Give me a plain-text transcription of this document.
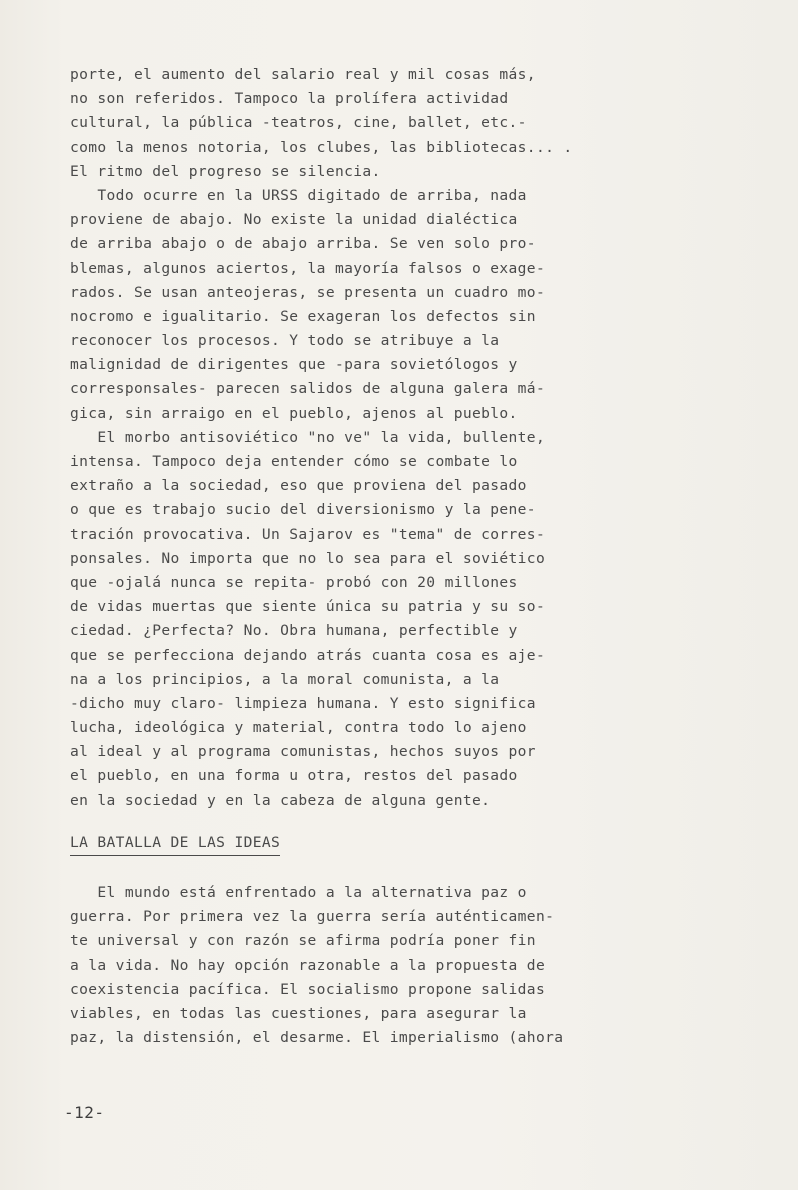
porte, el aumento del salario real y mil cosas más,
no son referidos. Tampoco la prolífera actividad
cultural, la pública -teatros, cine, ballet, etc.-
como la menos notoria, los clubes, las bibliotecas... .
El ritmo del progreso se silencia.
Todo ocurre en la URSS digitado de arriba, nada
proviene de abajo. No existe la unidad dialéctica
de arriba abajo o de abajo arriba. Se ven solo pro-
blemas, algunos aciertos, la mayoría falsos o exage-
rados. Se usan anteojeras, se presenta un cuadro mo-
nocromo e igualitario. Se exageran los defectos sin
reconocer los procesos. Y todo se atribuye a la
malignidad de dirigentes que -para sovietólogos y
corresponsales- parecen salidos de alguna galera má-
gica, sin arraigo en el pueblo, ajenos al pueblo.
El morbo antisoviético "no ve" la vida, bullente,
intensa. Tampoco deja entender cómo se combate lo
extraño a la sociedad, eso que proviena del pasado
o que es trabajo sucio del diversionismo y la pene-
tración provocativa. Un Sajarov es "tema" de corres-
ponsales. No importa que no lo sea para el soviético
que -ojalá nunca se repita- probó con 20 millones
de vidas muertas que siente única su patria y su so-
ciedad. ¿Perfecta? No. Obra humana, perfectible y
que se perfecciona dejando atrás cuanta cosa es aje-
na a los principios, a la moral comunista, a la
-dicho muy claro- limpieza humana. Y esto significa
lucha, ideológica y material, contra todo lo ajeno
al ideal y al programa comunistas, hechos suyos por
el pueblo, en una forma u otra, restos del pasado
en la sociedad y en la cabeza de alguna gente.
LA BATALLA DE LAS IDEAS
El mundo está enfrentado a la alternativa paz o
guerra. Por primera vez la guerra sería auténticamen-
te universal y con razón se afirma podría poner fin
a la vida. No hay opción razonable a la propuesta de
coexistencia pacífica. El socialismo propone salidas
viables, en todas las cuestiones, para asegurar la
paz, la distensión, el desarme. El imperialismo (ahora
-12-
